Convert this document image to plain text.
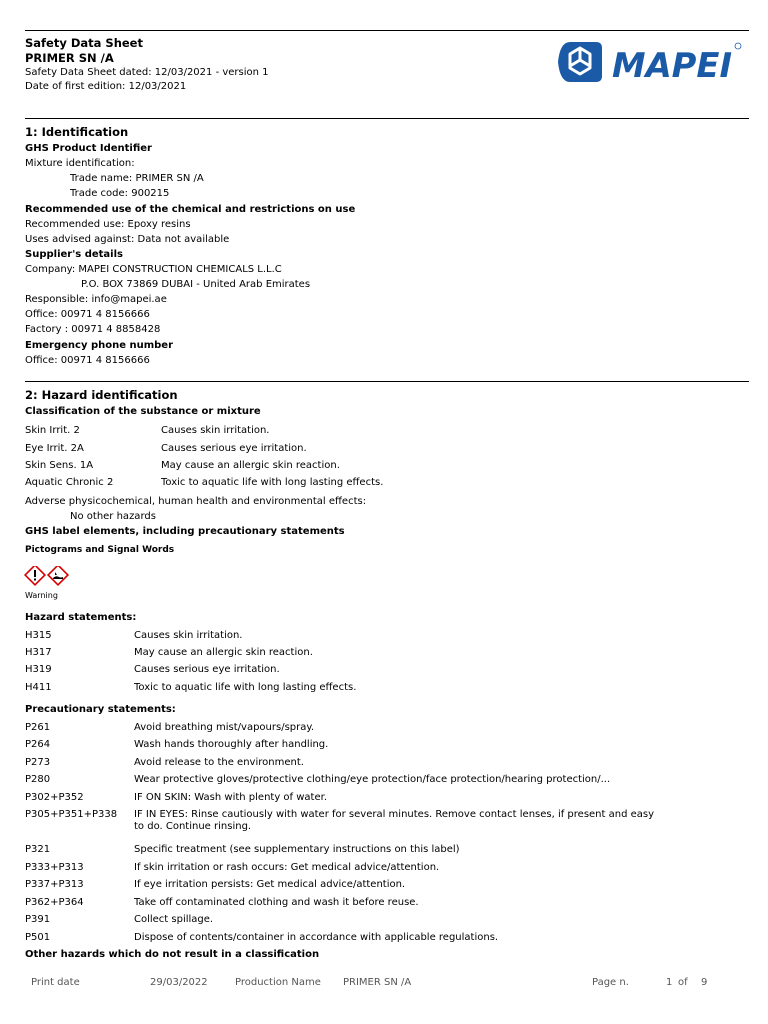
Safety Data Sheet
PRIMER SN /A
Safety Data Sheet dated: 12/03/2021 - version 1
Date of first edition: 12/03/2021
MAPEI
1: Identification
GHS Product Identifier
Mixture identification:
Trade name: PRIMER SN /A
Trade code: 900215
Recommended use of the chemical and restrictions on use
Recommended use: Epoxy resins
Uses advised against: Data not available
Supplier's details
Company: MAPEI CONSTRUCTION CHEMICALS L.L.C
P.O. BOX 73869 DUBAI - United Arab Emirates
Responsible: info@mapei.ae
Office: 00971 4 8156666
Factory : 00971 4 8858428
Emergency phone number
Office: 00971 4 8156666
2: Hazard identification
Classification of the substance or mixture
Skin Irrit. 2	Causes skin irritation.
Eye Irrit. 2A	Causes serious eye irritation.
Skin Sens. 1A	May cause an allergic skin reaction.
Aquatic Chronic 2	Toxic to aquatic life with long lasting effects.
Adverse physicochemical, human health and environmental effects:
No other hazards
GHS label elements, including precautionary statements
Pictograms and Signal Words
Warning
Hazard statements:
H315	Causes skin irritation.
H317	May cause an allergic skin reaction.
H319	Causes serious eye irritation.
H411	Toxic to aquatic life with long lasting effects.
Precautionary statements:
P261	Avoid breathing mist/vapours/spray.
P264	Wash hands thoroughly after handling.
P273	Avoid release to the environment.
P280	Wear protective gloves/protective clothing/eye protection/face protection/hearing protection/...
P302+P352	IF ON SKIN: Wash with plenty of water.
P305+P351+P338 IF IN EYES: Rinse cautiously with water for several minutes. Remove contact lenses, if present and easy
to do. Continue rinsing.
P321	Specific treatment (see supplementary instructions on this label)
P333+P313	If skin irritation or rash occurs: Get medical advice/attention.
P337+P313	If eye irritation persists: Get medical advice/attention.
P362+P364	Take off contaminated clothing and wash it before reuse.
P391	Collect spillage.
P501	Dispose of contents/container in accordance with applicable regulations.
Other hazards which do not result in a classification
Print date	29/03/2022	Production Name PRIMER SN /A	Page n.	1 of 9
